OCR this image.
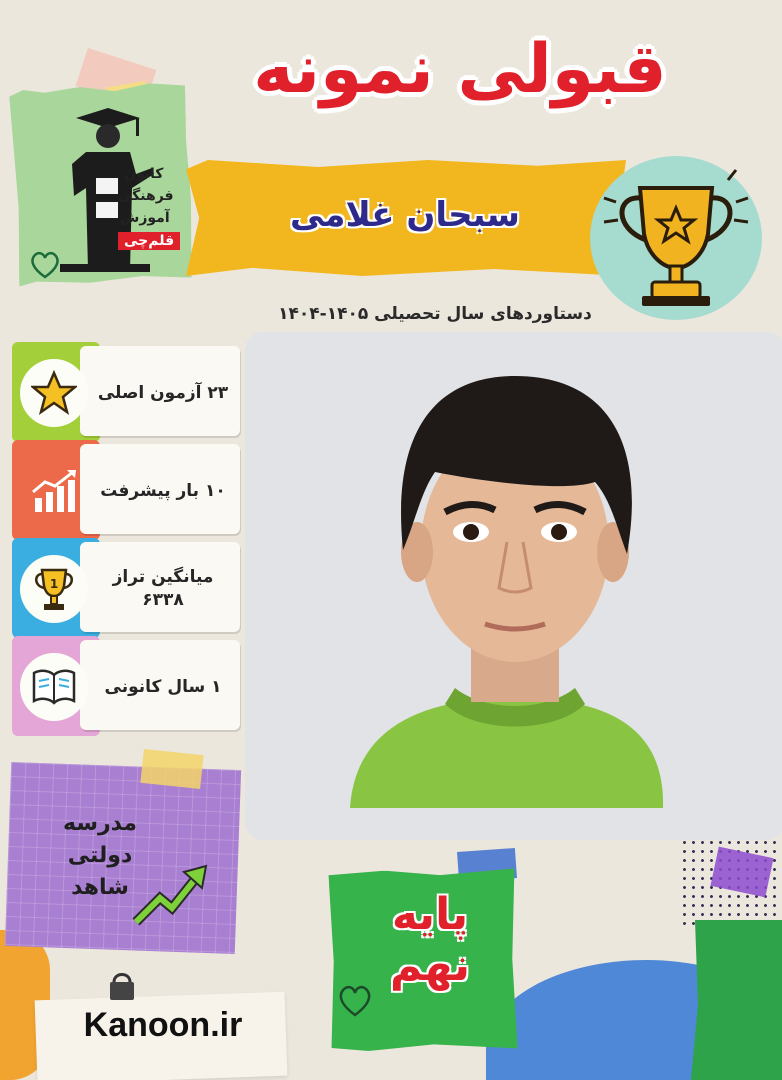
کانون
فرهنگی
آموزش
قلم‌چی
قبولی نمونه
سبحان غلامی
دستاوردهای سال تحصیلی ۱۴۰۵-۱۴۰۴
۲۳ آزمون اصلی
۱۰ بار پیشرفت
1	میانگین تراز
۶۳۳۸
۱ سال کانونی
مدرسه
دولتی
شاهد
پایه
نهم
Kanoon.ir
